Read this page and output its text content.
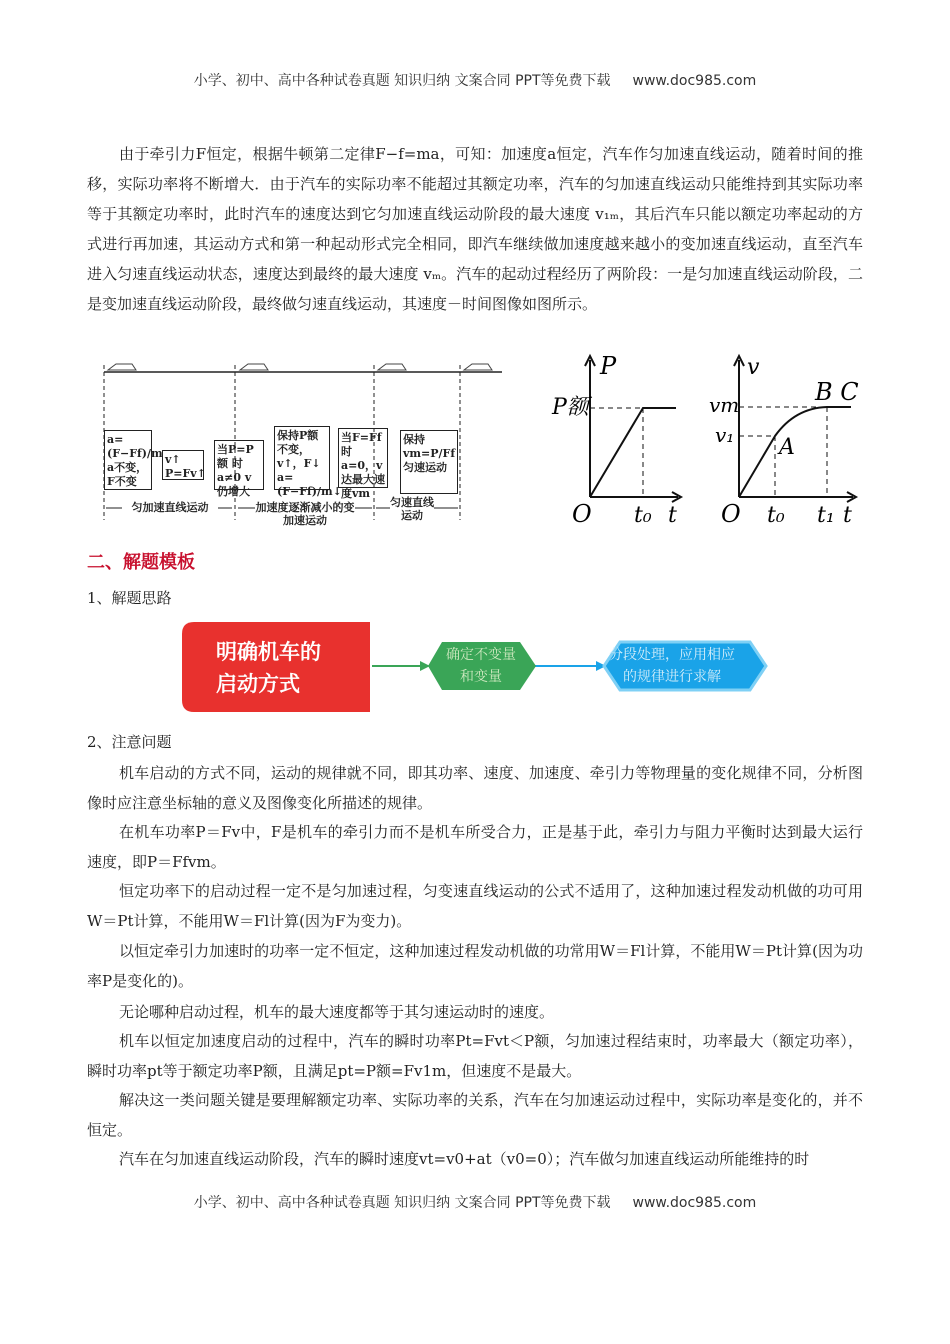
小学、初中、高中各种试卷真题 知识归纳 文案合同 PPT等免费下载 www.doc985.com
由于牵引力F恒定，根据牛顿第二定律F−f=ma，可知：加速度a恒定，汽车作匀加速直线运动，随着时间的推移，实际功率将不断增大．由于汽车的实际功率不能超过其额定功率，汽车的匀加速直线运动只能维持到其实际功率等于其额定功率时，此时汽车的速度达到它匀加速直线运动阶段的最大速度 v₁ₘ，其后汽车只能以额定功率起动的方式进行再加速，其运动方式和第一种起动形式完全相同，即汽车继续做加速度越来越小的变加速直线运动，直至汽车进入匀速直线运动状态，速度达到最终的最大速度 vₘ。汽车的起动过程经历了两阶段：一是匀加速直线运动阶段，二是变加速直线运动阶段，最终做匀速直线运动，其速度－时间图像如图所示。
a=(F−Ff)/m a不变，F不变
v↑ P=Fv↑
当P=P额 时a≠0 v仍增大
保持P额不变，v↑，F↓ a=(F−Ff)/m↓
当F=Ff 时a=0，v达最大速度vm
保持 vm=P/Ff 匀速运动
匀加速直线运动	加速度逐渐减小的变加速运动
匀速直线运动
P
P额
O t₀ t
v
vm
v₁ A
B C
O t₀ t₁ t
二、解题模板
1、解题思路
明确机车的启动方式
确定不变量和变量
分段处理，应用相应的规律进行求解
2、注意问题
机车启动的方式不同，运动的规律就不同，即其功率、速度、加速度、牵引力等物理量的变化规律不同，分析图像时应注意坐标轴的意义及图像变化所描述的规律。
在机车功率P＝Fv中，F是机车的牵引力而不是机车所受合力，正是基于此，牵引力与阻力平衡时达到最大运行速度，即P＝Ffvm。
恒定功率下的启动过程一定不是匀加速过程，匀变速直线运动的公式不适用了，这种加速过程发动机做的功可用W＝Pt计算，不能用W＝Fl计算(因为F为变力)。
以恒定牵引力加速时的功率一定不恒定，这种加速过程发动机做的功常用W＝Fl计算，不能用W＝Pt计算(因为功率P是变化的)。
无论哪种启动过程，机车的最大速度都等于其匀速运动时的速度。
机车以恒定加速度启动的过程中，汽车的瞬时功率Pt=Fvt＜P额，匀加速过程结束时，功率最大（额定功率），瞬时功率pt等于额定功率P额，且满足pt=P额=Fv1m，但速度不是最大。
解决这一类问题关键是要理解额定功率、实际功率的关系，汽车在匀加速运动过程中，实际功率是变化的，并不恒定。
汽车在匀加速直线运动阶段，汽车的瞬时速度vt=v0+at（v0=0）；汽车做匀加速直线运动所能维持的时
小学、初中、高中各种试卷真题 知识归纳 文案合同 PPT等免费下载 www.doc985.com
